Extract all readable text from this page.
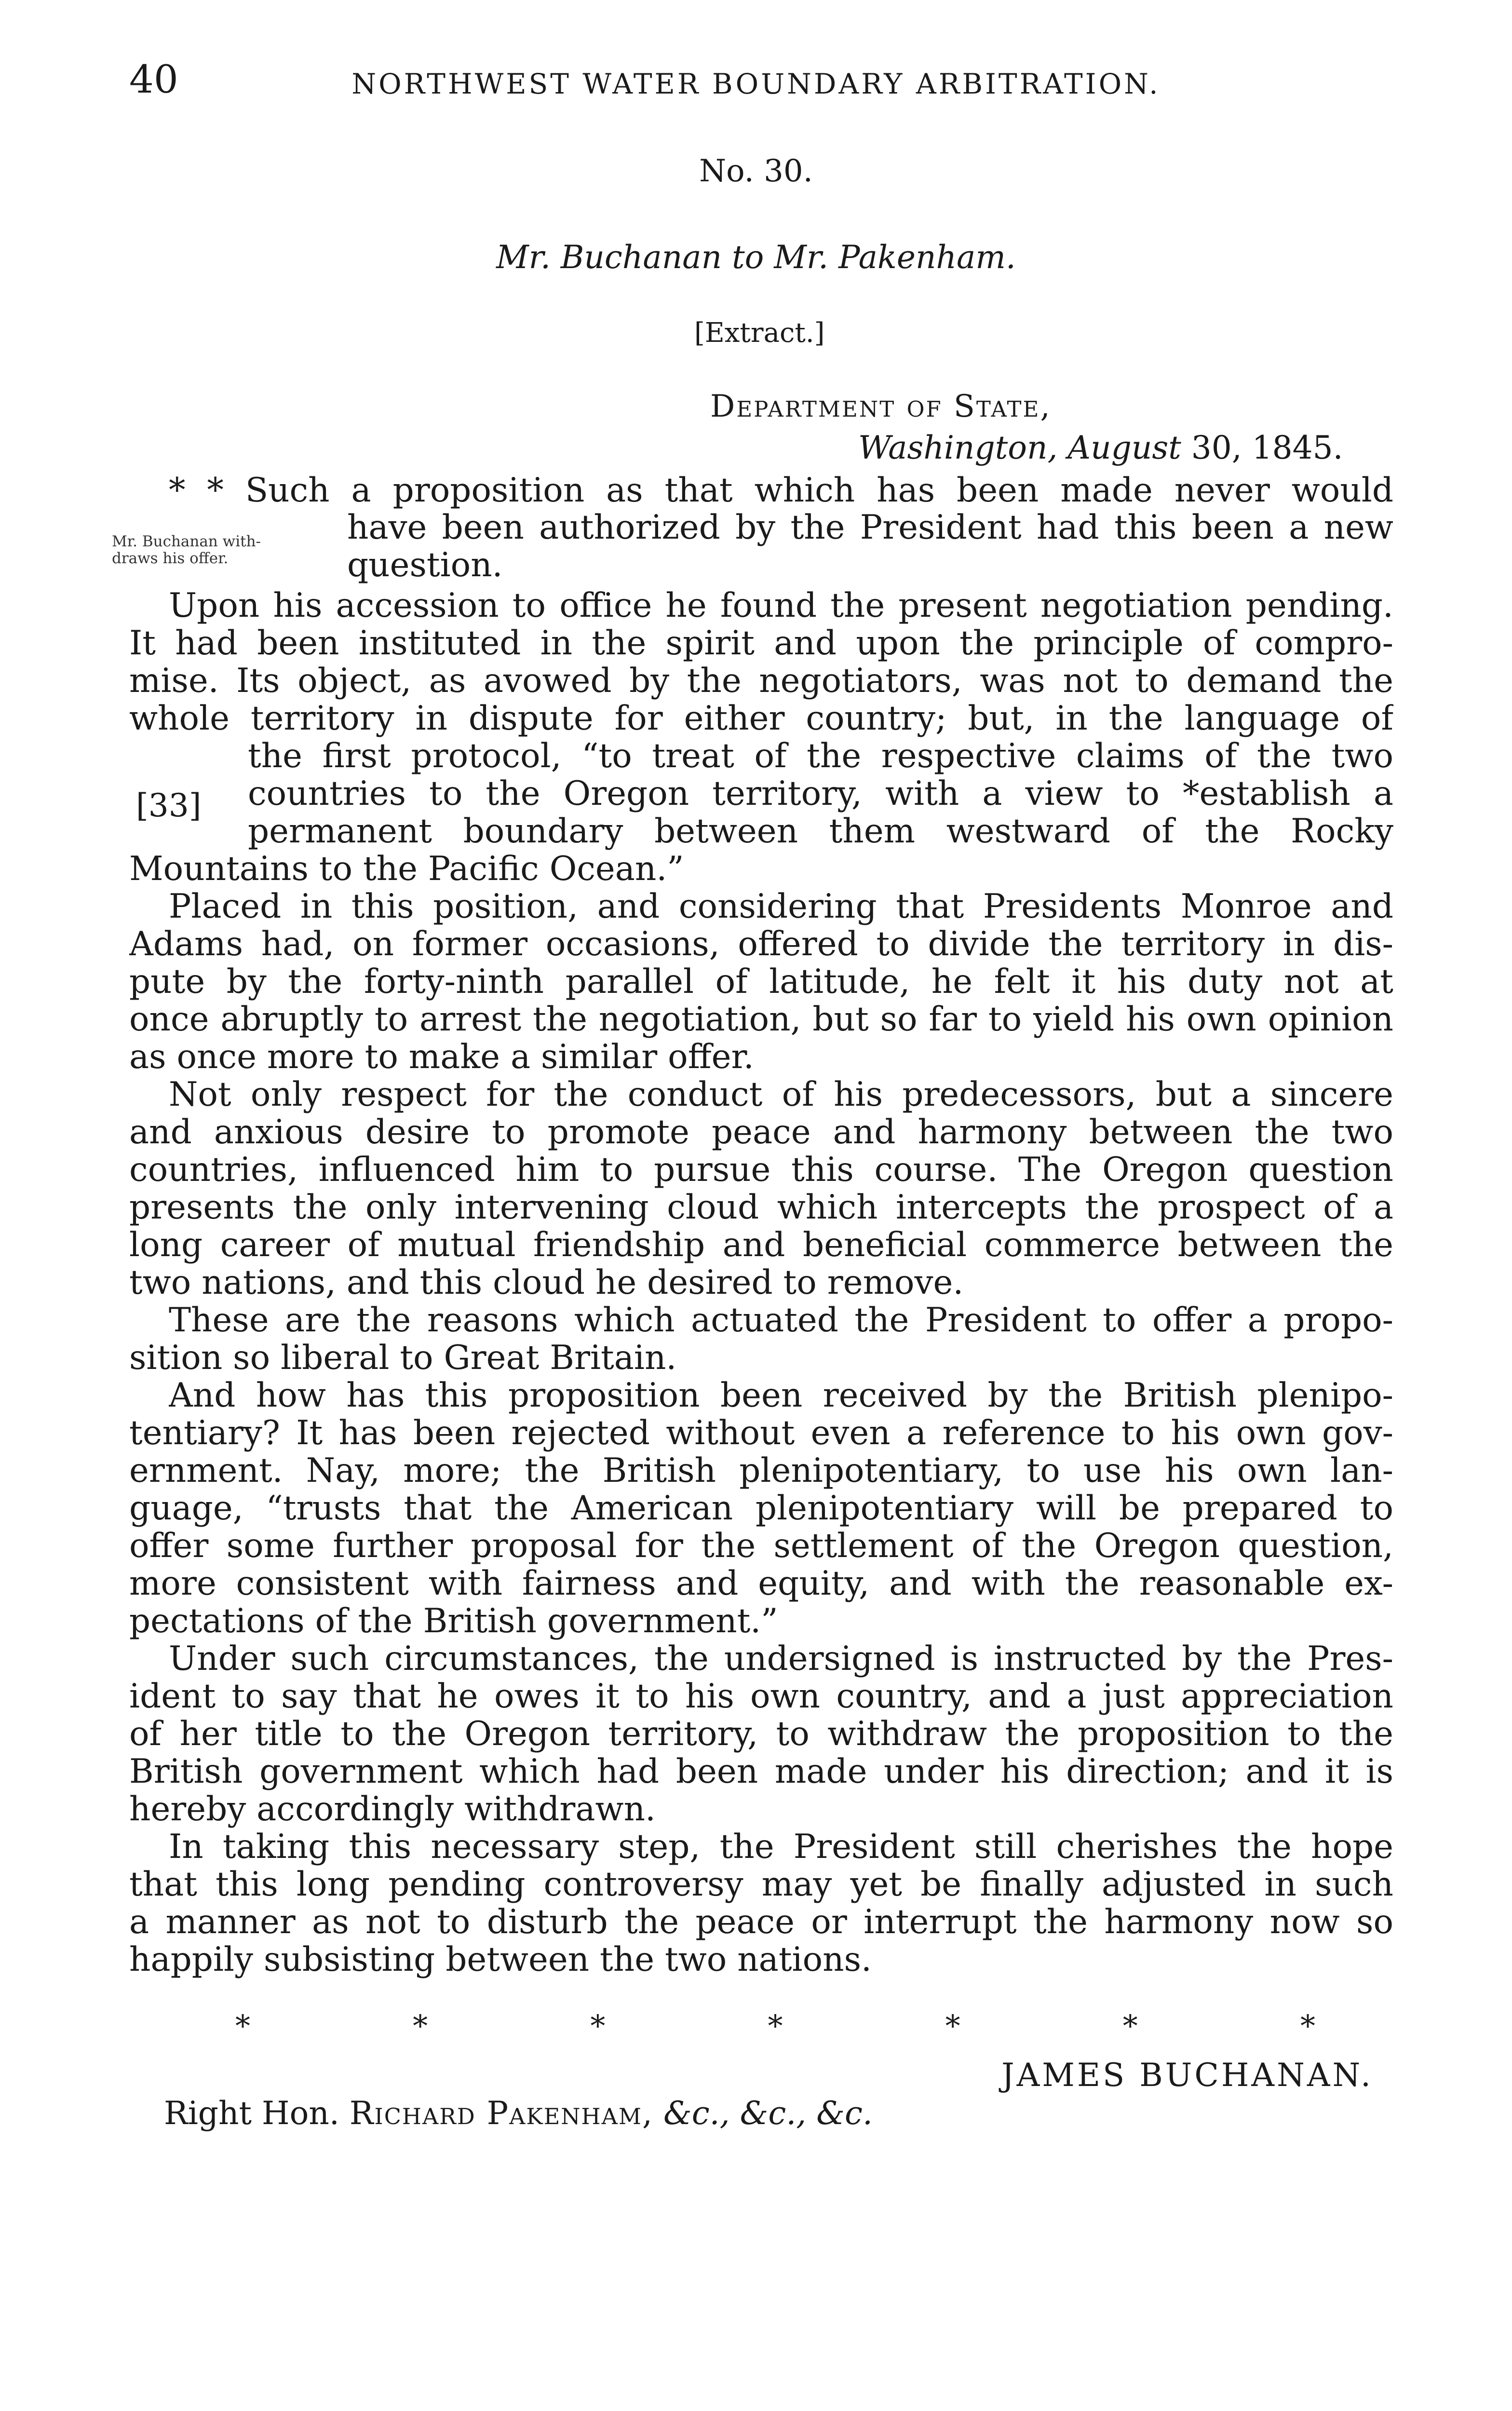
40	NORTHWEST WATER BOUNDARY ARBITRATION.
No. 30.
Mr. Buchanan to Mr. Pakenham.
[Extract.]
Department of State,
Washington, August 30, 1845.
Mr. Buchanan with-
draws his offer.
[33]
* * Such a proposition as that which has been made never would
have been authorized by the President had this been a new
question.
Upon his accession to office he found the present negotiation pending.
It had been instituted in the spirit and upon the principle of compro-
mise. Its object, as avowed by the negotiators, was not to demand the
whole territory in dispute for either country; but, in the language of
the first protocol, “to treat of the respective claims of the two
countries to the Oregon territory, with a view to *establish a
permanent boundary between them westward of the Rocky
Mountains to the Pacific Ocean.”
Placed in this position, and considering that Presidents Monroe and
Adams had, on former occasions, offered to divide the territory in dis-
pute by the forty-ninth parallel of latitude, he felt it his duty not at
once abruptly to arrest the negotiation, but so far to yield his own opinion
as once more to make a similar offer.
Not only respect for the conduct of his predecessors, but a sincere
and anxious desire to promote peace and harmony between the two
countries, influenced him to pursue this course. The Oregon question
presents the only intervening cloud which intercepts the prospect of a
long career of mutual friendship and beneficial commerce between the
two nations, and this cloud he desired to remove.
These are the reasons which actuated the President to offer a propo-
sition so liberal to Great Britain.
And how has this proposition been received by the British plenipo-
tentiary? It has been rejected without even a reference to his own gov-
ernment. Nay, more; the British plenipotentiary, to use his own lan-
guage, “trusts that the American plenipotentiary will be prepared to
offer some further proposal for the settlement of the Oregon question,
more consistent with fairness and equity, and with the reasonable ex-
pectations of the British government.”
Under such circumstances, the undersigned is instructed by the Pres-
ident to say that he owes it to his own country, and a just appreciation
of her title to the Oregon territory, to withdraw the proposition to the
British government which had been made under his direction; and it is
hereby accordingly withdrawn.
In taking this necessary step, the President still cherishes the hope
that this long pending controversy may yet be finally adjusted in such
a manner as not to disturb the peace or interrupt the harmony now so
happily subsisting between the two nations.
*	*	*	*	*	*	*
JAMES BUCHANAN.
Right Hon. Richard Pakenham, &c., &c., &c.
